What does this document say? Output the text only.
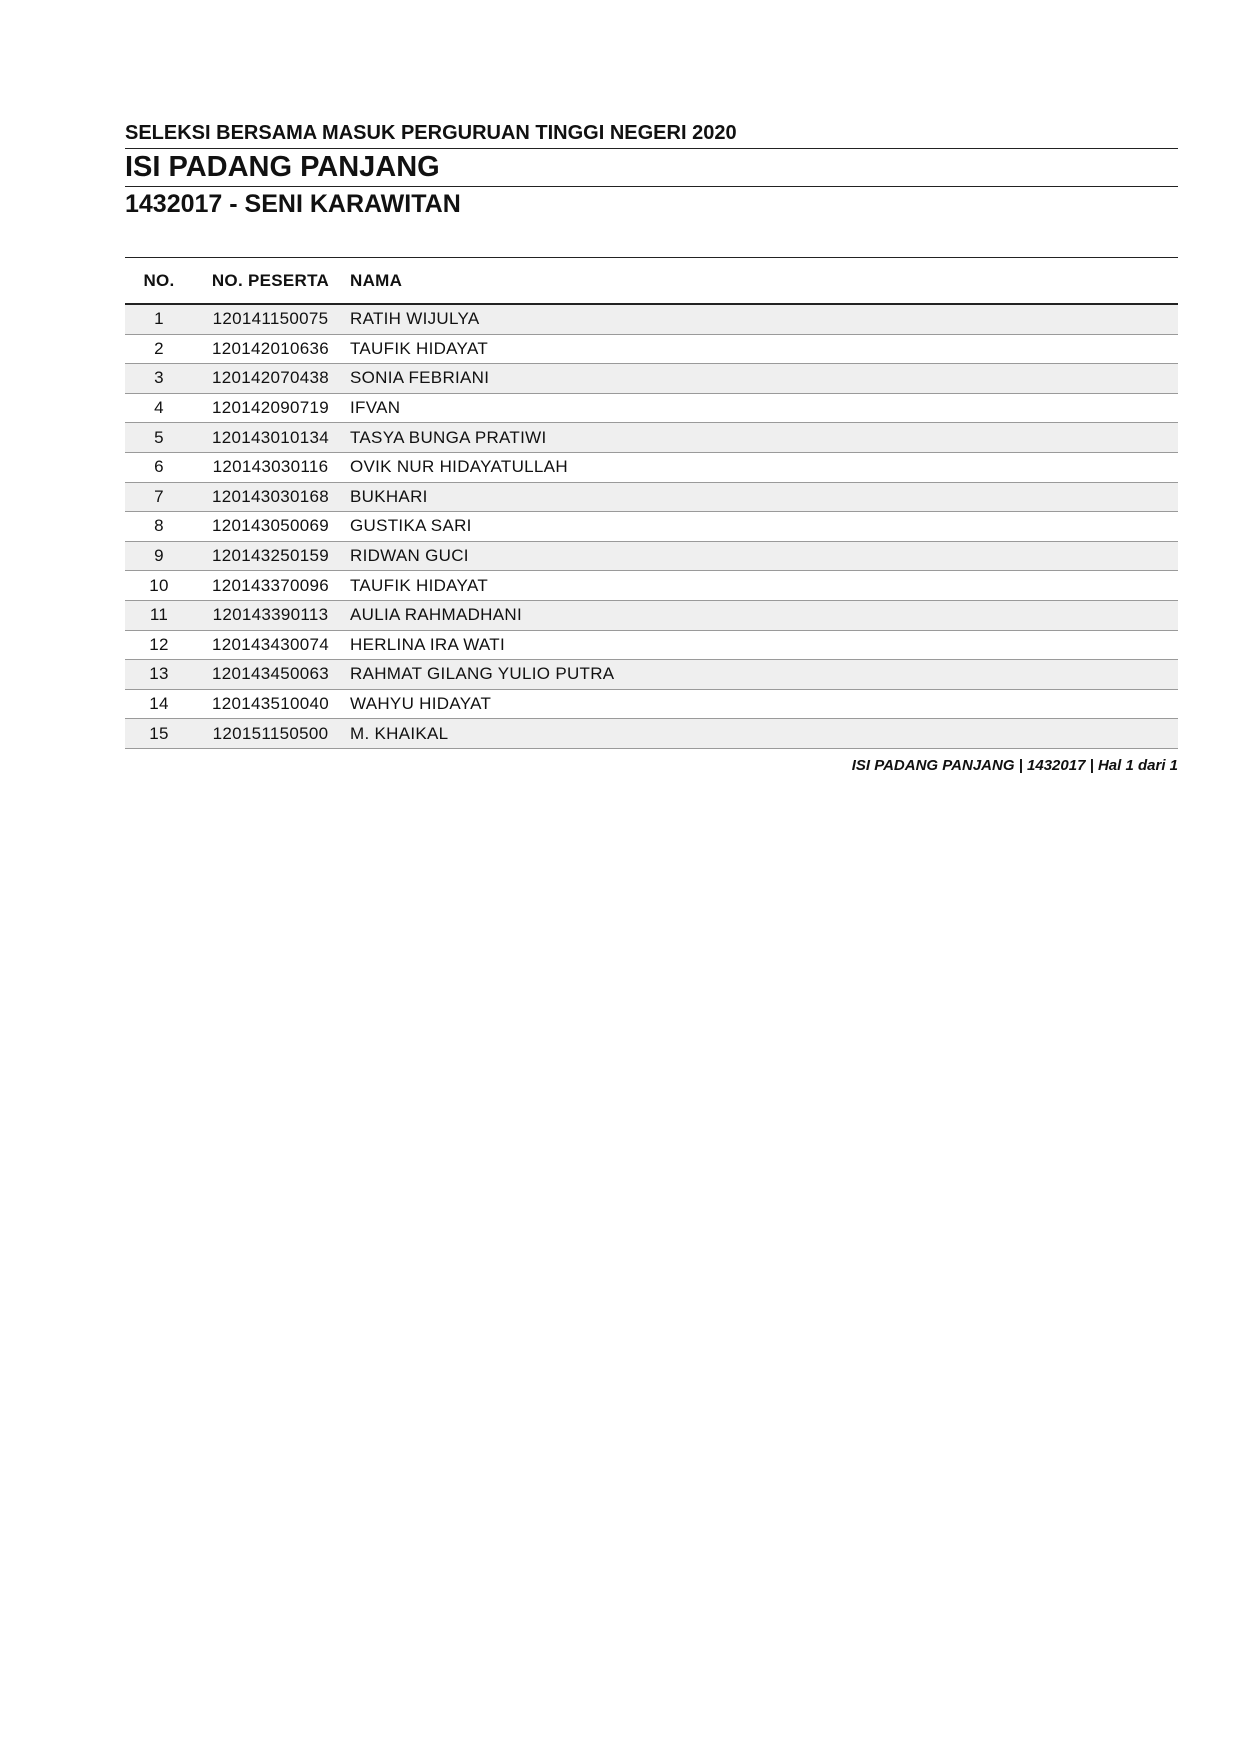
SELEKSI BERSAMA MASUK PERGURUAN TINGGI NEGERI 2020
ISI PADANG PANJANG
1432017 - SENI KARAWITAN
NO.	NO. PESERTA	NAMA
1	120141150075	RATIH WIJULYA
2	120142010636	TAUFIK HIDAYAT
3	120142070438	SONIA FEBRIANI
4	120142090719	IFVAN
5	120143010134	TASYA BUNGA PRATIWI
6	120143030116	OVIK NUR HIDAYATULLAH
7	120143030168	BUKHARI
8	120143050069	GUSTIKA SARI
9	120143250159	RIDWAN GUCI
10	120143370096	TAUFIK HIDAYAT
11	120143390113	AULIA RAHMADHANI
12	120143430074	HERLINA IRA WATI
13	120143450063	RAHMAT GILANG YULIO PUTRA
14	120143510040	WAHYU HIDAYAT
15	120151150500	M. KHAIKAL
ISI PADANG PANJANG | 1432017 | Hal 1 dari 1
